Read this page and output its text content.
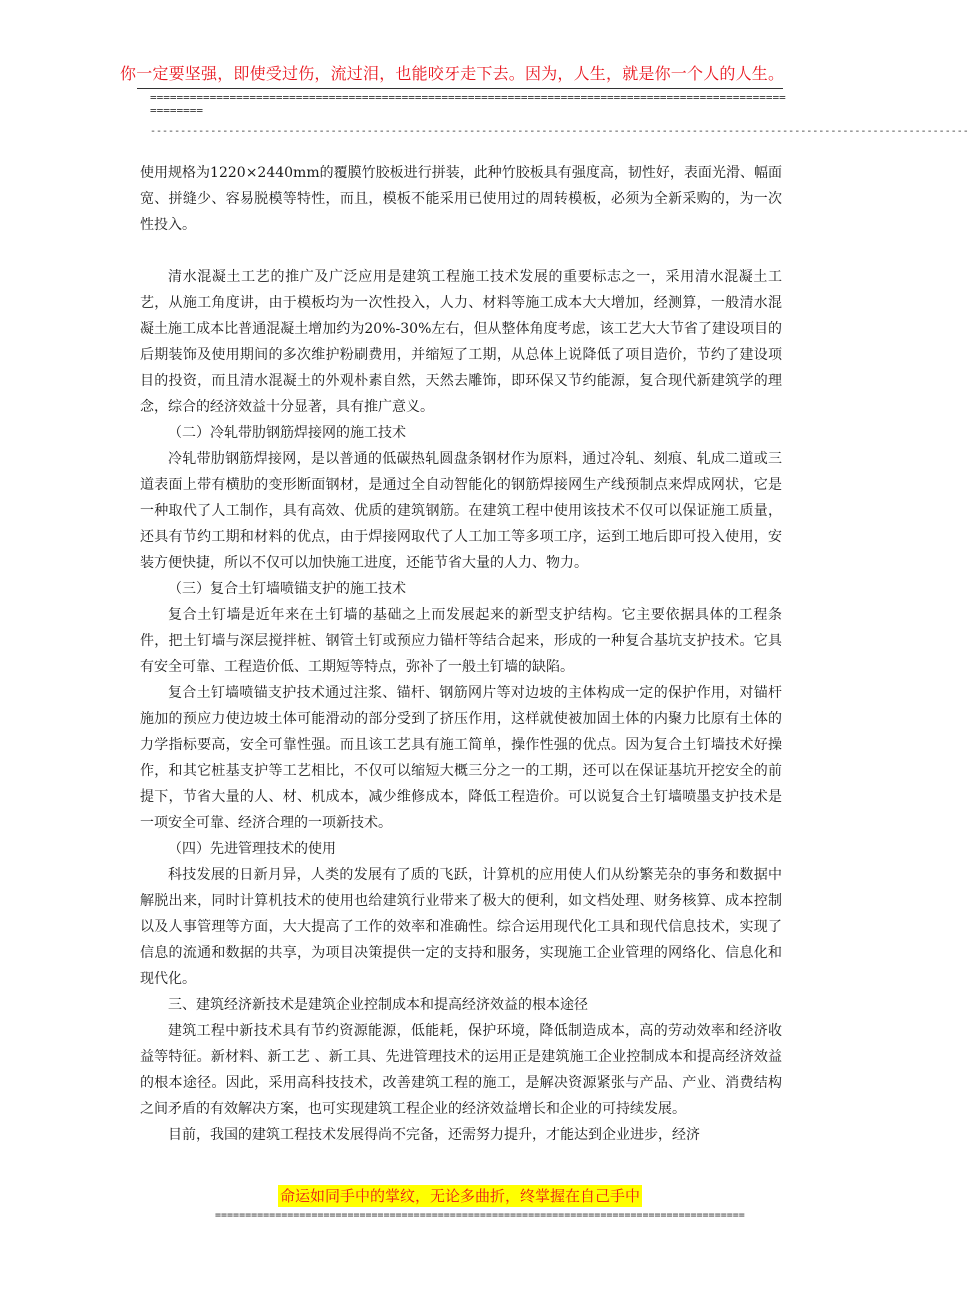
你一定要坚强，即使受过伤，流过泪，也能咬牙走下去。因为，人生，就是你一个人的人生。
========================================================================================================
----------------------------------------------------------------------------------------------------------------------------------------

使用规格为1220×2440mm的覆膜竹胶板进行拼装，此种竹胶板具有强度高，韧性好，表面光滑、幅面宽、拼缝少、容易脱模等特性，而且，模板不能采用已使用过的周转模板，必须为全新采购的，为一次性投入。

清水混凝土工艺的推广及广泛应用是建筑工程施工技术发展的重要标志之一，采用清水混凝土工艺，从施工角度讲，由于模板均为一次性投入，人力、材料等施工成本大大增加，经测算，一般清水混凝土施工成本比普通混凝土增加约为20%-30%左右，但从整体角度考虑，该工艺大大节省了建设项目的后期装饰及使用期间的多次维护粉刷费用，并缩短了工期，从总体上说降低了项目造价，节约了建设项目的投资，而且清水混凝土的外观朴素自然，天然去雕饰，即环保又节约能源，复合现代新建筑学的理念，综合的经济效益十分显著，具有推广意义。

（二）冷轧带肋钢筋焊接网的施工技术

冷轧带肋钢筋焊接网，是以普通的低碳热轧圆盘条钢材作为原料，通过冷轧、刻痕、轧成二道或三道表面上带有横肋的变形断面钢材，是通过全自动智能化的钢筋焊接网生产线预制点来焊成网状，它是一种取代了人工制作，具有高效、优质的建筑钢筋。在建筑工程中使用该技术不仅可以保证施工质量，还具有节约工期和材料的优点，由于焊接网取代了人工加工等多项工序，运到工地后即可投入使用，安装方便快捷，所以不仅可以加快施工进度，还能节省大量的人力、物力。

（三）复合土钉墙喷锚支护的施工技术

复合土钉墙是近年来在土钉墙的基础之上而发展起来的新型支护结构。它主要依据具体的工程条件，把土钉墙与深层搅拌桩、钢管土钉或预应力锚杆等结合起来，形成的一种复合基坑支护技术。它具有安全可靠、工程造价低、工期短等特点，弥补了一般土钉墙的缺陷。

复合土钉墙喷锚支护技术通过注浆、锚杆、钢筋网片等对边坡的主体构成一定的保护作用，对锚杆施加的预应力使边坡土体可能滑动的部分受到了挤压作用，这样就使被加固土体的内聚力比原有土体的力学指标要高，安全可靠性强。而且该工艺具有施工简单，操作性强的优点。因为复合土钉墙技术好操作，和其它桩基支护等工艺相比，不仅可以缩短大概三分之一的工期，还可以在保证基坑开挖安全的前提下，节省大量的人、材、机成本，减少维修成本，降低工程造价。可以说复合土钉墙喷墨支护技术是一项安全可靠、经济合理的一项新技术。

（四）先进管理技术的使用

科技发展的日新月异，人类的发展有了质的飞跃，计算机的应用使人们从纷繁芜杂的事务和数据中解脱出来，同时计算机技术的使用也给建筑行业带来了极大的便利，如文档处理、财务核算、成本控制以及人事管理等方面，大大提高了工作的效率和准确性。综合运用现代化工具和现代信息技术，实现了信息的流通和数据的共享，为项目决策提供一定的支持和服务，实现施工企业管理的网络化、信息化和现代化。

三、建筑经济新技术是建筑企业控制成本和提高经济效益的根本途径

建筑工程中新技术具有节约资源能源，低能耗，保护环境，降低制造成本，高的劳动效率和经济收益等特征。新材料、新工艺 、新工具、先进管理技术的运用正是建筑施工企业控制成本和提高经济效益的根本途径。因此，采用高科技技术，改善建筑工程的施工，是解决资源紧张与产品、产业、消费结构之间矛盾的有效解决方案，也可实现建筑工程企业的经济效益增长和企业的可持续发展。

目前，我国的建筑工程技术发展得尚不完备，还需努力提升，才能达到企业进步，经济

命运如同手中的掌纹，无论多曲折，终掌握在自己手中
========================================================================================
